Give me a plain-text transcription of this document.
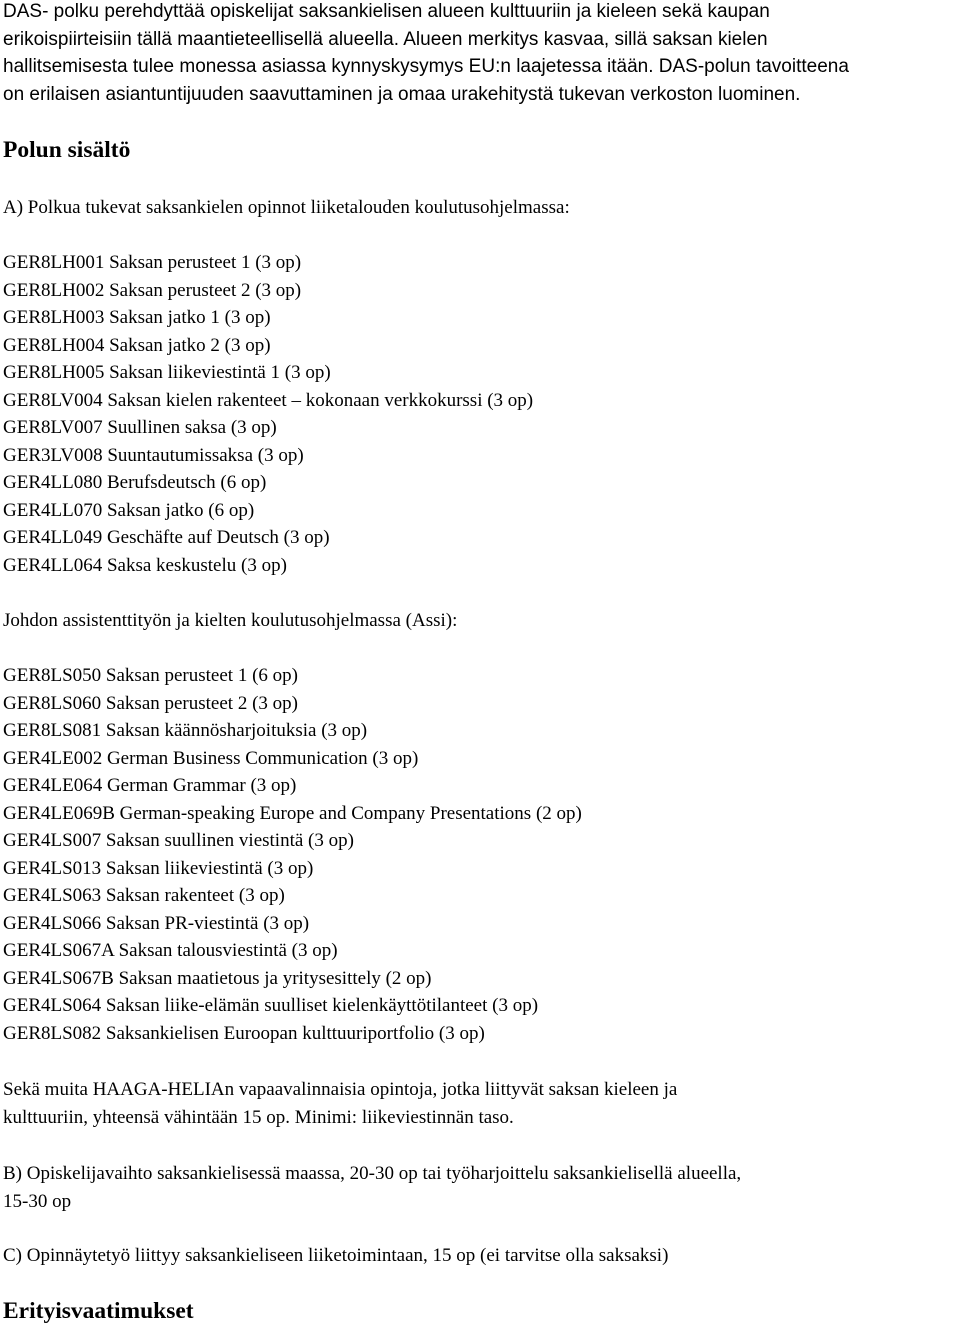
DAS- polku perehdyttää opiskelijat saksankielisen alueen kulttuuriin ja kieleen sekä kaupan
erikoispiirteisiin tällä maantieteellisellä alueella. Alueen merkitys kasvaa, sillä saksan kielen
hallitsemisesta tulee monessa asiassa kynnyskysymys EU:n laajetessa itään. DAS-polun tavoitteena
on erilaisen asiantuntijuuden saavuttaminen ja omaa urakehitystä tukevan verkoston luominen.
Polun sisältö

A) Polkua tukevat saksankielen opinnot liiketalouden koulutusohjelmassa:

GER8LH001 Saksan perusteet 1 (3 op)
GER8LH002 Saksan perusteet 2 (3 op)
GER8LH003 Saksan jatko 1 (3 op)
GER8LH004 Saksan jatko 2 (3 op)
GER8LH005 Saksan liikeviestintä 1 (3 op)
GER8LV004 Saksan kielen rakenteet – kokonaan verkkokurssi (3 op)
GER8LV007 Suullinen saksa (3 op)
GER3LV008 Suuntautumissaksa (3 op)
GER4LL080 Berufsdeutsch (6 op)
GER4LL070 Saksan jatko (6 op)
GER4LL049 Geschäfte auf Deutsch (3 op)
GER4LL064 Saksa keskustelu (3 op)

Johdon assistenttityön ja kielten koulutusohjelmassa (Assi):

GER8LS050 Saksan perusteet 1 (6 op)
GER8LS060 Saksan perusteet 2 (3 op)
GER8LS081 Saksan käännösharjoituksia (3 op)
GER4LE002 German Business Communication (3 op)
GER4LE064 German Grammar (3 op)
GER4LE069B German-speaking Europe and Company Presentations (2 op)
GER4LS007 Saksan suullinen viestintä (3 op)
GER4LS013 Saksan liikeviestintä (3 op)
GER4LS063 Saksan rakenteet (3 op)
GER4LS066 Saksan PR-viestintä (3 op)
GER4LS067A Saksan talousviestintä (3 op)
GER4LS067B Saksan maatietous ja yritysesittely (2 op)
GER4LS064 Saksan liike-elämän suulliset kielenkäyttötilanteet (3 op)
GER8LS082 Saksankielisen Euroopan kulttuuriportfolio (3 op)

Sekä muita HAAGA-HELIAn vapaavalinnaisia opintoja, jotka liittyvät saksan kieleen ja
kulttuuriin, yhteensä vähintään 15 op. Minimi: liikeviestinnän taso.

B) Opiskelijavaihto saksankielisessä maassa, 20-30 op tai työharjoittelu saksankielisellä alueella,
15-30 op

C) Opinnäytetyö liittyy saksankieliseen liiketoimintaan, 15 op (ei tarvitse olla saksaksi)

Erityisvaatimukset
